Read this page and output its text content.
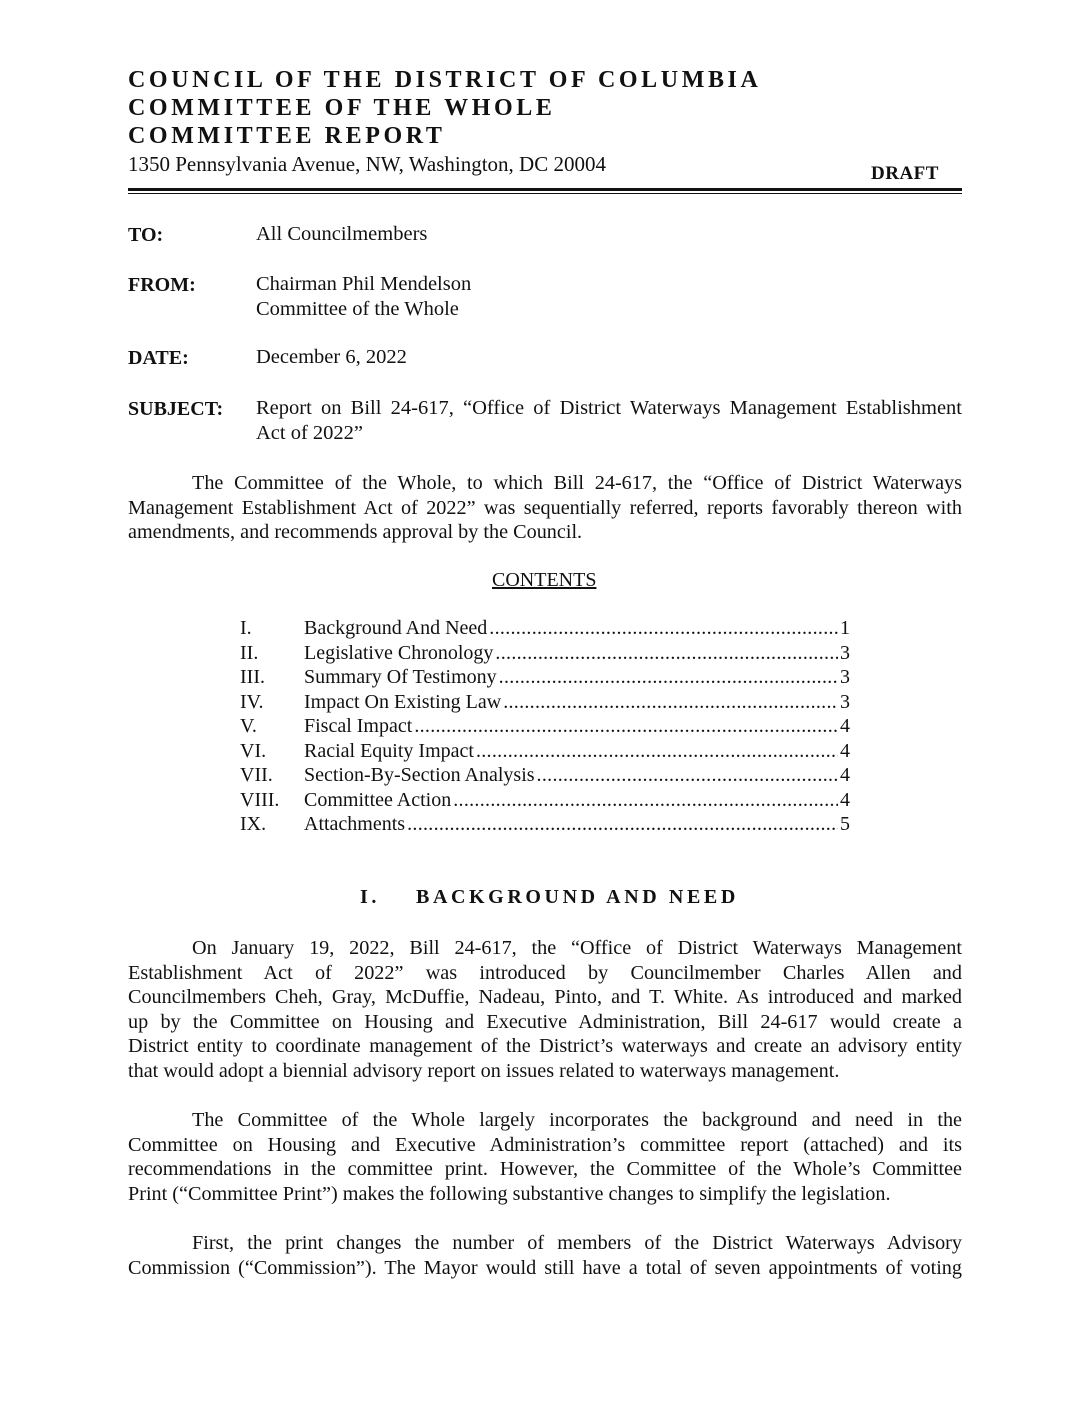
COUNCIL OF THE DISTRICT OF COLUMBIA
COMMITTEE OF THE WHOLE
COMMITTEE REPORT
1350 Pennsylvania Avenue, NW, Washington, DC 20004	DRAFT
TO:	All Councilmembers
FROM:	Chairman Phil Mendelson
Committee of the Whole
DATE:	December 6, 2022
SUBJECT: Report on Bill 24-617, “Office of District Waterways Management Establishment
Act of 2022”
The Committee of the Whole, to which Bill 24-617, the “Office of District Waterways
Management Establishment Act of 2022” was sequentially referred, reports favorably thereon with
amendments, and recommends approval by the Council.
CONTENTS
I.	Background And Need .....	1
II.	Legislative Chronology .....	3
III.	Summary Of Testimony .....	3
IV.	Impact On Existing Law .....	3
V.	Fiscal Impact .....	4
VI.	Racial Equity Impact .....	4
VII.	Section-By-Section Analysis .....	4
VIII.	Committee Action .....	4
IX.	Attachments .....	5
I. BACKGROUND AND NEED
On January 19, 2022, Bill 24-617, the “Office of District Waterways Management
Establishment Act of 2022” was introduced by Councilmember Charles Allen and
Councilmembers Cheh, Gray, McDuffie, Nadeau, Pinto, and T. White. As introduced and marked
up by the Committee on Housing and Executive Administration, Bill 24-617 would create a
District entity to coordinate management of the District’s waterways and create an advisory entity
that would adopt a biennial advisory report on issues related to waterways management.
The Committee of the Whole largely incorporates the background and need in the
Committee on Housing and Executive Administration’s committee report (attached) and its
recommendations in the committee print. However, the Committee of the Whole’s Committee
Print (“Committee Print”) makes the following substantive changes to simplify the legislation.
First, the print changes the number of members of the District Waterways Advisory
Commission (“Commission”). The Mayor would still have a total of seven appointments of voting
